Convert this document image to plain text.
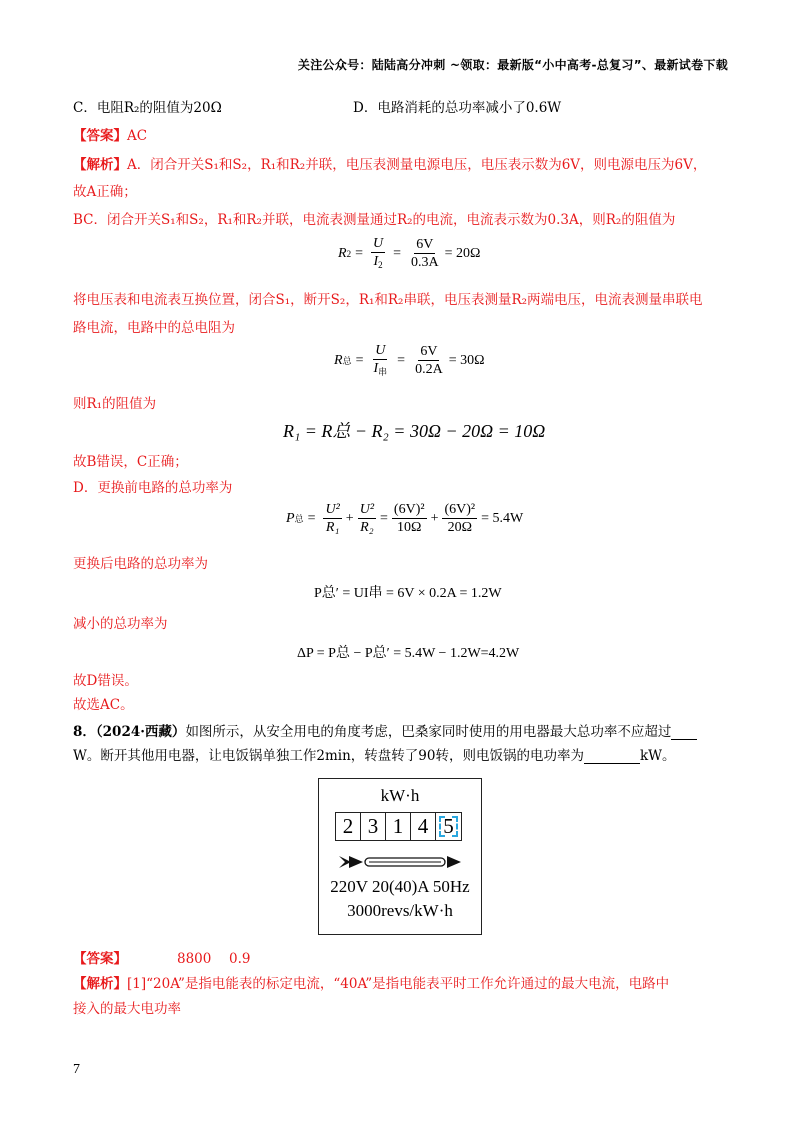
关注公众号：陆陆高分冲刺 ~领取：最新版“小中高考-总复习”、最新试卷下载
C．电阻R₂的阻值为20Ω	D．电路消耗的总功率减小了0.6W
【答案】AC
【解析】A．闭合开关S₁和S₂，R₁和R₂并联，电压表测量电源电压，电压表示数为6V，则电源电压为6V，
故A正确；
BC．闭合开关S₁和S₂，R₁和R₂并联，电流表测量通过R₂的电流，电流表示数为0.3A，则R₂的阻值为
R $2 = \frac{U}{I_2} = \frac{6V}{0.3A} = 20\Omega$
将电压表和电流表互换位置，闭合S₁，断开S₂，R₁和R₂串联，电压表测量R₂两端电压，电流表测量串联电
路电流，电路中的总电阻为
R 总 = $\frac{U}{I_串} = \frac{6V}{0.2A} = 30\Omega$
则R₁的阻值为
R₁ = R总 − R₂ = 30Ω − 20Ω = 10Ω
故B错误，C正确；
D．更换前电路的总功率为
P 总 = $\frac{\text{U²}}{\text{R₁}} + \frac{\text{U²}}{\text{R₂}} = \frac{\text{(6V)²}}{10\Omega} + \frac{\text{(6V)²}}{20\Omega} = 5.4W$
更换后电路的总功率为
P总′ = UI串 = 6V × 0.2A = 1.2W
减小的总功率为
ΔP = P总 − P总′ = 5.4W − 1.2W=4.2W
故D错误。
故选AC。
8．（2024·西藏）如图所示，从安全用电的角度考虑，巴桑家同时使用的用电器最大总功率不应超过
W。断开其他用电器，让电饭锅单独工作2min，转盘转了90转，则电饭锅的电功率为	kW。
kW·h
2 3 1 4 5
220V 20(40)A 50Hz
3000revs/kW·h
【答案】	8800 0.9
【解析】[1]“20A”是指电能表的标定电流，“40A”是指电能表平时工作允许通过的最大电流，电路中
接入的最大电功率
7
